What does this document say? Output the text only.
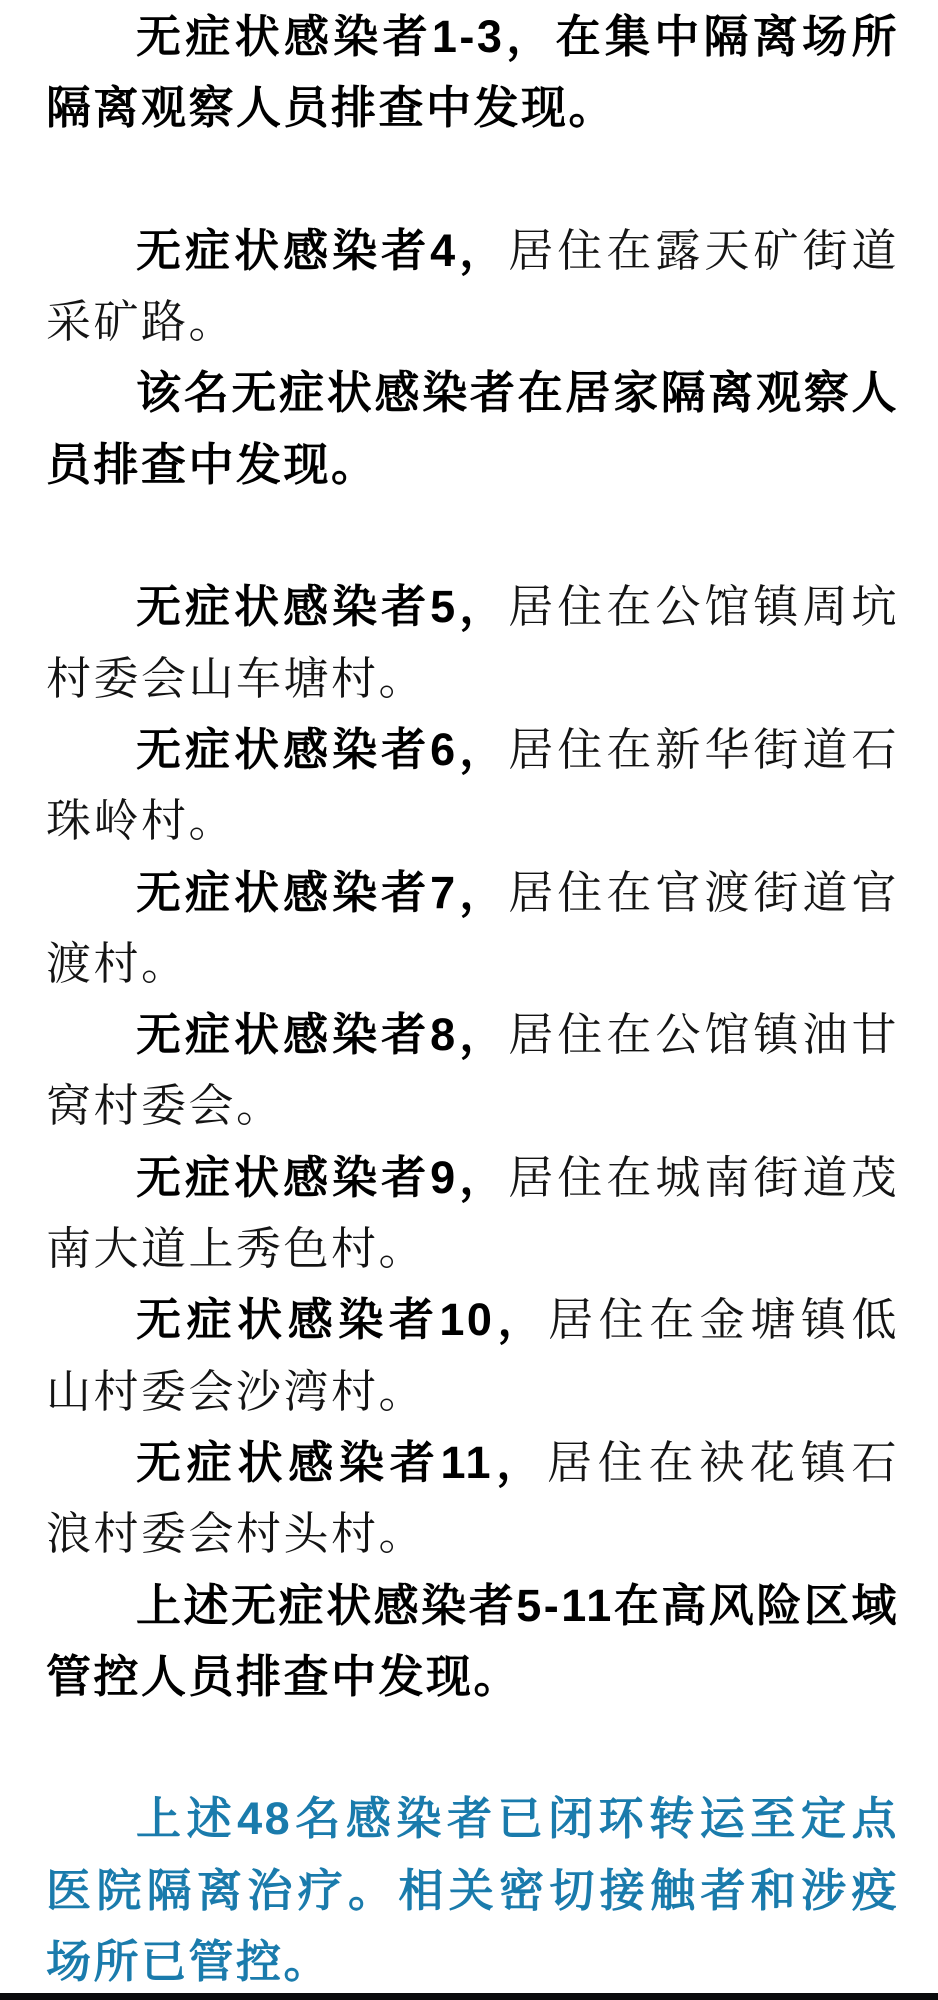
无症状感染者1-3，在集中隔离场所隔离观察人员排查中发现。

无症状感染者4，居住在露天矿街道采矿路。

该名无症状感染者在居家隔离观察人员排查中发现。

无症状感染者5，居住在公馆镇周坑村委会山车塘村。

无症状感染者6，居住在新华街道石珠岭村。

无症状感染者7，居住在官渡街道官渡村。

无症状感染者8，居住在公馆镇油甘窝村委会。

无症状感染者9，居住在城南街道茂南大道上秀色村。

无症状感染者10，居住在金塘镇低山村委会沙湾村。

无症状感染者11，居住在袂花镇石浪村委会村头村。

上述无症状感染者5-11在高风险区域管控人员排查中发现。

上述48名感染者已闭环转运至定点医院隔离治疗。相关密切接触者和涉疫场所已管控。
